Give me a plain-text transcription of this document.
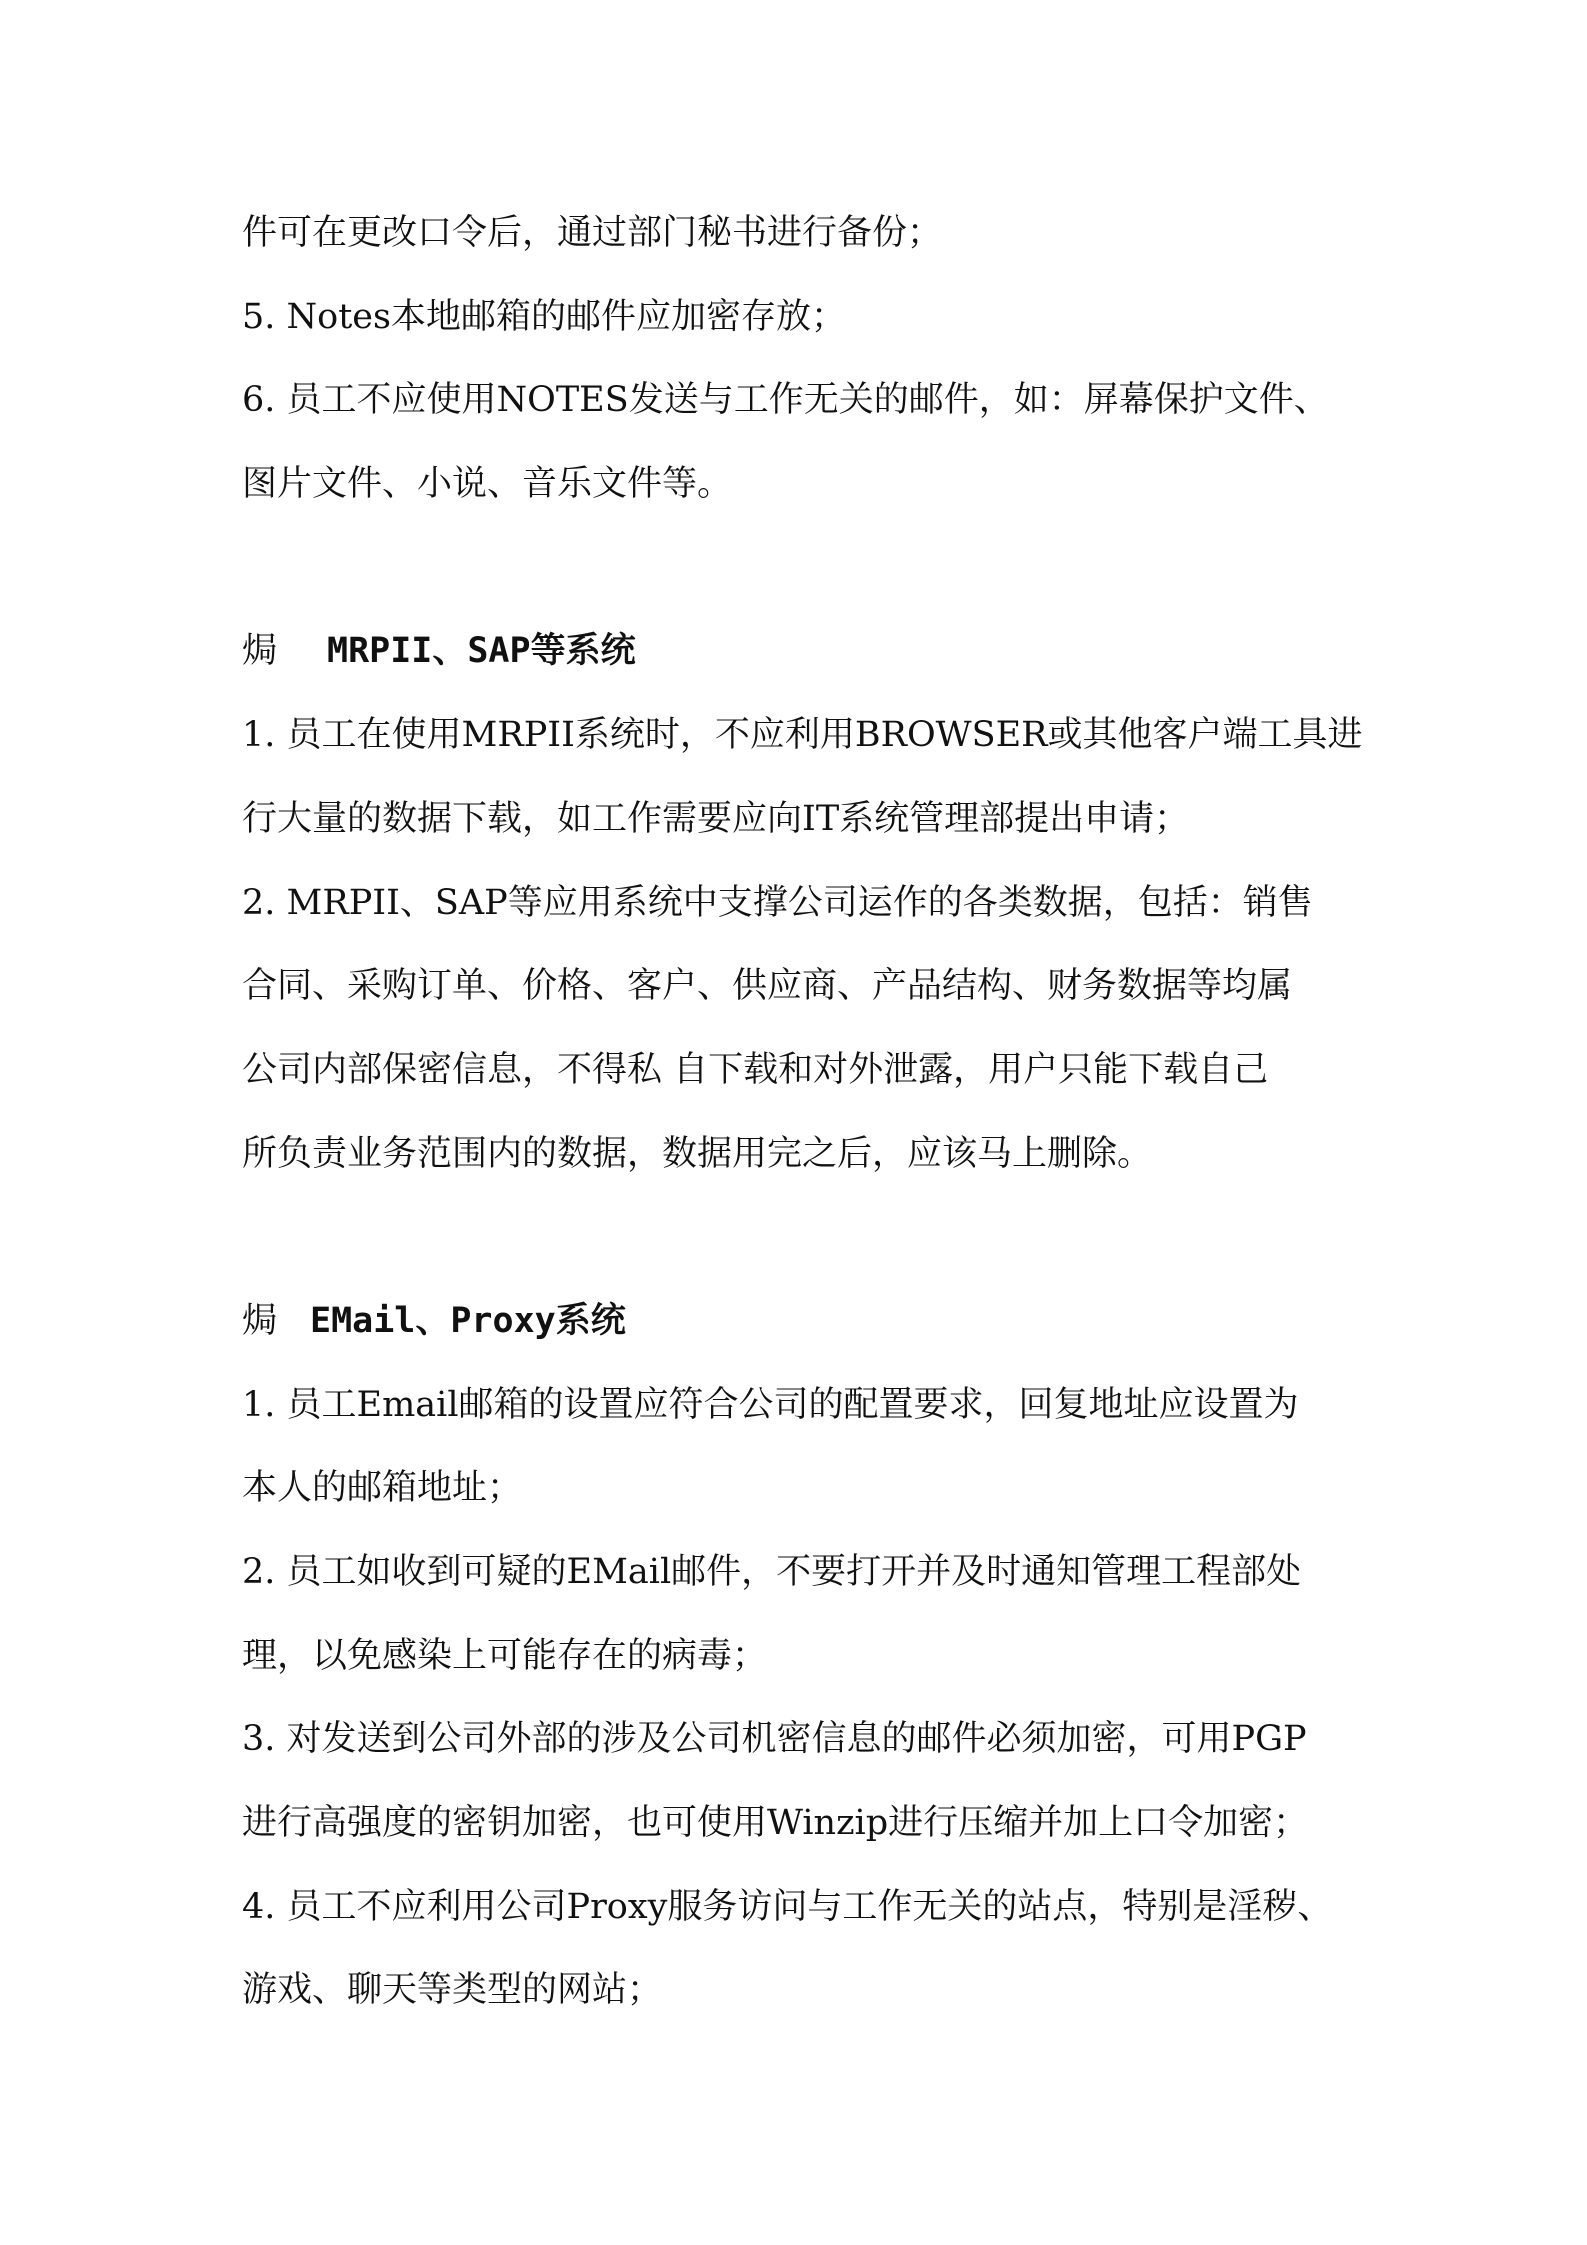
件可在更改口令后，通过部门秘书进行备份；
5. Notes本地邮箱的邮件应加密存放；
6. 员工不应使用NOTES发送与工作无关的邮件，如：屏幕保护文件、
图片文件、小说、音乐文件等。
焗 MRPII、SAP等系统
1. 员工在使用MRPII系统时，不应利用BROWSER或其他客户端工具进
行大量的数据下载，如工作需要应向IT系统管理部提出申请；
2. MRPII、SAP等应用系统中支撑公司运作的各类数据，包括：销售
合同、采购订单、价格、客户、供应商、产品结构、财务数据等均属
公司内部保密信息，不得私 自下载和对外泄露，用户只能下载自己
所负责业务范围内的数据，数据用完之后，应该马上删除。
焗 EMail、Proxy系统
1. 员工Email邮箱的设置应符合公司的配置要求，回复地址应设置为
本人的邮箱地址；
2. 员工如收到可疑的EMail邮件，不要打开并及时通知管理工程部处
理，以免感染上可能存在的病毒；
3. 对发送到公司外部的涉及公司机密信息的邮件必须加密，可用PGP
进行高强度的密钥加密，也可使用Winzip进行压缩并加上口令加密；
4. 员工不应利用公司Proxy服务访问与工作无关的站点，特别是淫秽、
游戏、聊天等类型的网站；
